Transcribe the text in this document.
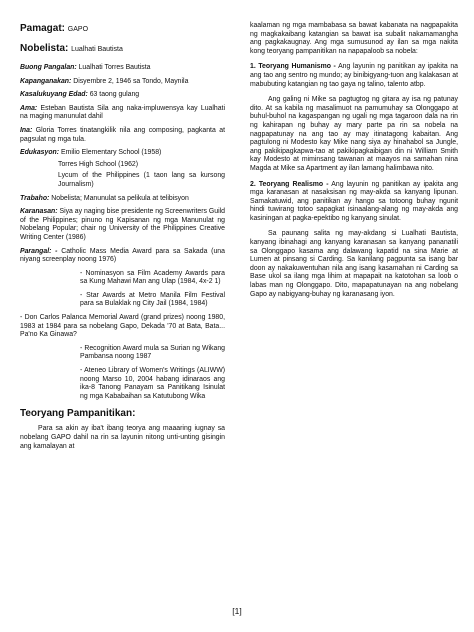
Pamagat: GAPO
Nobelista: Lualhati Bautista

Buong Pangalan: Lualhati Torres Bautista

Kapanganakan: Disyembre 2, 1946 sa Tondo, Maynila

Kasalukuyang Edad: 63 taong gulang

Ama: Esteban Bautista Sila ang naka-impluwensya kay Lualhati na maging manunulat dahil

Ina: Gloria Torres tinatangkilik nila ang composing, pagkanta at pagsulat ng mga tula.

Edukasyon: Emilio Elementary School (1958)

Torres High School (1962)

Lycum of the Philippines (1 taon lang sa kursong Journalism)

Trabaho: Nobelista; Manunulat sa pelikula at telibisyon

Karanasan: Siya ay naging bise presidente ng Screenwriters Guild of the Philippines; pinuno ng Kapisanan ng mga Manunulat ng Nobelang Popular; chair ng University of the Philippines Creative Writing Center (1986)

Parangal: - Catholic Mass Media Award para sa Sakada (una niyang screenplay noong 1976)

- Nominasyon sa Film Academy Awards para sa Kung Mahawi Man ang Ulap (1984, 4x-2 1)

- Star Awards at Metro Manila Film Festival para sa Bulaklak ng City Jail (1984, 1984)

- Don Carlos Palanca Memorial Award (grand prizes) noong 1980, 1983 at 1984 para sa nobelang Gapo, Dekada '70 at Bata, Bata... Pa'no Ka Ginawa?

- Recognition Award mula sa Surian ng Wikang Pambansa noong 1987

- Ateneo Library of Women's Writings (ALIWW) noong Marso 10, 2004 habang idinaraos ang ika-8 Tanong Panayam sa Panitikang Isinulat ng mga Kababaihan sa Katutubong Wika

Teoryang Pampanitikan:

Para sa akin ay iba't ibang teorya ang maaaring iugnay sa nobelang GAPO dahil na rin sa layunin nitong unti-unting gisingin ang kamalayan at

kaalaman ng mga mambabasa sa bawat kabanata na nagpapakita ng magkakaibang katangian sa bawat isa subalit nakamamangha ang pagkakaugnay. Ang mga sumusunod ay ilan sa mga nakita kong teoryang pampanitikan na napapaloob sa nobela:

1. Teoryang Humanismo - Ang layunin ng panitikan ay ipakita na ang tao ang sentro ng mundo; ay binibigyang-tuon ang kalakasan at mabubuting katangian ng tao gaya ng talino, talento atbp.

Ang galing ni Mike sa pagtugtog ng gitara ay isa ng patunay dito. At sa kabila ng masalimuot na pamumuhay sa Olonggapo at buhul-buhol na kagaspangan ng ugali ng mga tagaroon dala na rin ng kahirapan ng buhay ay mary parte pa rin sa nobela na nagpapatunay na ang tao ay may itinatagong kabaitan. Ang pagtulong ni Modesto kay Mike nang siya ay hinahabol sa Jungle, ang pakikipagkapwa-tao at pakikipagkaibigan din ni William Smith kay Modesto at miminsang tawanan at maayos na samahan nina Magda at Mike sa Apartment ay ilan lamang halimbawa nito.

2. Teoryang Realismo - Ang layunin ng panitikan ay ipakita ang mga karanasan at nasaksisan ng may-akda sa kanyang lipunan. Samakatuwid, ang panitikan ay hango sa totoong buhay ngunit hindi tuwirang totoo sapagkat isinaalang-alang ng may-akda ang kasiningan at pagka-epektibo ng kanyang sinulat.

Sa paunang salita ng may-akdang si Lualhati Bautista, kanyang ibinahagi ang kanyang karanasan sa kanyang pananatili sa Olonggapo kasama ang dalawang kapatid na sina Marie at Lumen at pinsang si Carding. Sa kanilang pagpunta sa isang bar doon ay nakakuwentuhan nila ang isang kasamahan ni Carding sa Base ukol sa ilang mga lihim at mapapait na katotohan sa loob o labas man ng Olonggapo. Dito, mapapatunayan na ang nobelang Gapo ay nabigyang-buhay ng karanasang iyon.

[1]
